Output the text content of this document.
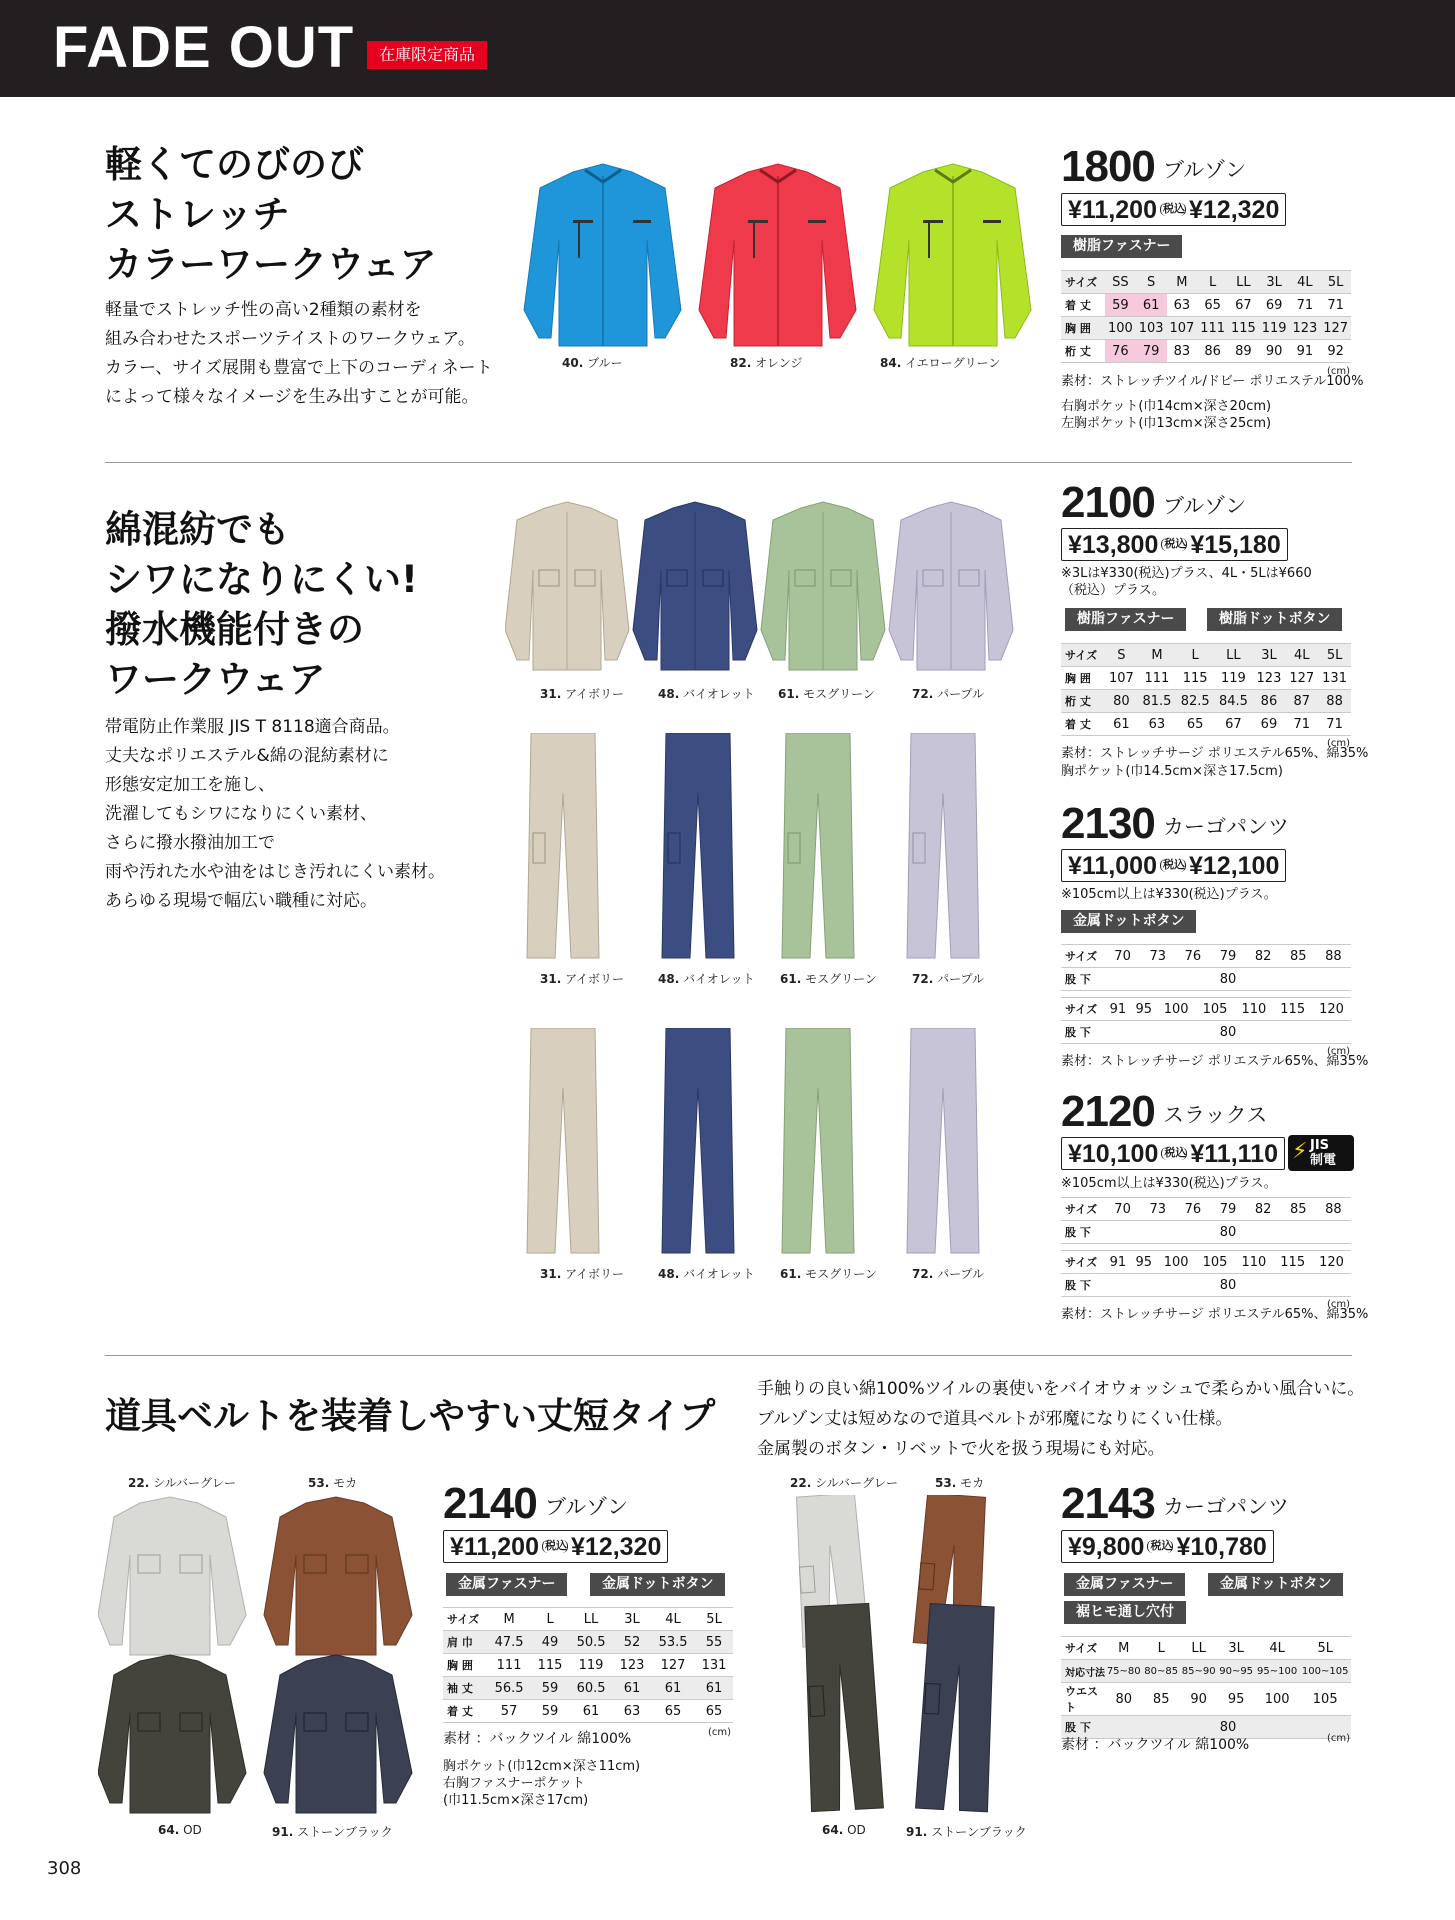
FADE OUT	在庫限定商品
軽くてのびのび
ストレッチ
カラーワークウェア
軽量でストレッチ性の高い2種類の素材を
組み合わせたスポーツテイストのワークウェア。
カラー、サイズ展開も豊富で上下のコーディネート
によって様々なイメージを生み出すことが可能。
40. ブルー	82. オレンジ	84. イエローグリーン
1800 ブルゾン
¥11,200 税込 ¥12,320
樹脂ファスナー
サイズ	SS	S	M	L	LL	3L	4L	5L
着 丈	59	61	63	65	67	69	71	71
胸 囲	100	103	107	111	115	119	123	127
桁 丈	76	79	83	86	89	90	91	92
素材：ストレッチツイル/ドビー ポリエステル100%
(cm)
右胸ポケット(巾14cm×深さ20cm)
左胸ポケット(巾13cm×深さ25cm)
綿混紡でも
シワになりにくい!
撥水機能付きの
ワークウェア
帯電防止作業服 JIS T 8118適合商品。
丈夫なポリエステル&綿の混紡素材に
形態安定加工を施し、
洗濯してもシワになりにくい素材、
さらに撥水撥油加工で
雨や汚れた水や油をはじき汚れにくい素材。
あらゆる現場で幅広い職種に対応。
31. アイボリー	48. バイオレット 61. モスグリーン	72. パープル
31. アイボリー	48. バイオレット 61. モスグリーン	72. パープル
31. アイボリー	48. バイオレット 61. モスグリーン	72. パープル
2100 ブルゾン
¥13,800 税込 ¥15,180
※3Lは¥330(税込)プラス、4L・5Lは¥660
（税込）プラス。
樹脂ファスナー	樹脂ドットボタン
サイズ	S	M	L	LL	3L	4L	5L
胸 囲	107	111	115	119	123	127	131
桁 丈	80	81.5	82.5	84.5	86	87	88
着 丈	61	63	65	67	69	71	71
素材：ストレッチサージ ポリエステル65%、綿35%
(cm)
胸ポケット(巾14.5cm×深さ17.5cm)
2130 カーゴパンツ
¥11,000 税込 ¥12,100
※105cm以上は¥330(税込)プラス。
金属ドットボタン
サイズ	70	73	76	79	82	85	88
股 下	80						
サイズ	91	95	100	105	110	115	120
股 下	80						
素材：ストレッチサージ ポリエステル65%、綿35%
(cm)
2120 スラックス
¥10,100 税込 ¥11,110 ⚡ JIS
制電
※105cm以上は¥330(税込)プラス。
サイズ	70	73	76	79	82	85	88
股 下	80						
サイズ	91	95	100	105	110	115	120
股 下	80						
素材：ストレッチサージ ポリエステル65%、綿35%
(cm)
道具ベルトを装着しやすい丈短タイプ
手触りの良い綿100%ツイルの裏使いをバイオウォッシュで柔らかい風合いに。
ブルゾン丈は短めなので道具ベルトが邪魔になりにくい仕様。
金属製のボタン・リベットで火を扱う現場にも対応。
22. シルバーグレー	53. モカ
64. OD	91. ストーンブラック
2140 ブルゾン
¥11,200 税込 ¥12,320
金属ファスナー	金属ドットボタン
サイズ	M	L	LL	3L	4L	5L
肩 巾	47.5	49	50.5	52	53.5	55
胸 囲	111	115	119	123	127	131
袖 丈	56.5	59	60.5	61	61	61
着 丈	57	59	61	63	65	65
(cm)
素材 ：バックツイル 綿100%
胸ポケット(巾12cm×深さ11cm)
右胸ファスナーポケット
(巾11.5cm×深さ17cm)
22. シルバーグレー	53. モカ
64. OD	91. ストーンブラック
2143 カーゴパンツ
¥9,800 税込 ¥10,780
金属ファスナー	金属ドットボタン
裾ヒモ通し穴付
サイズ	M	L	LL	3L	4L	5L
対応寸法	75~80	80~85	85~90	90~95	95~100	100~105
ウエスト	80	85	90	95	100	105
股 下	80					
(cm)
素材 ：バックツイル 綿100%
308
